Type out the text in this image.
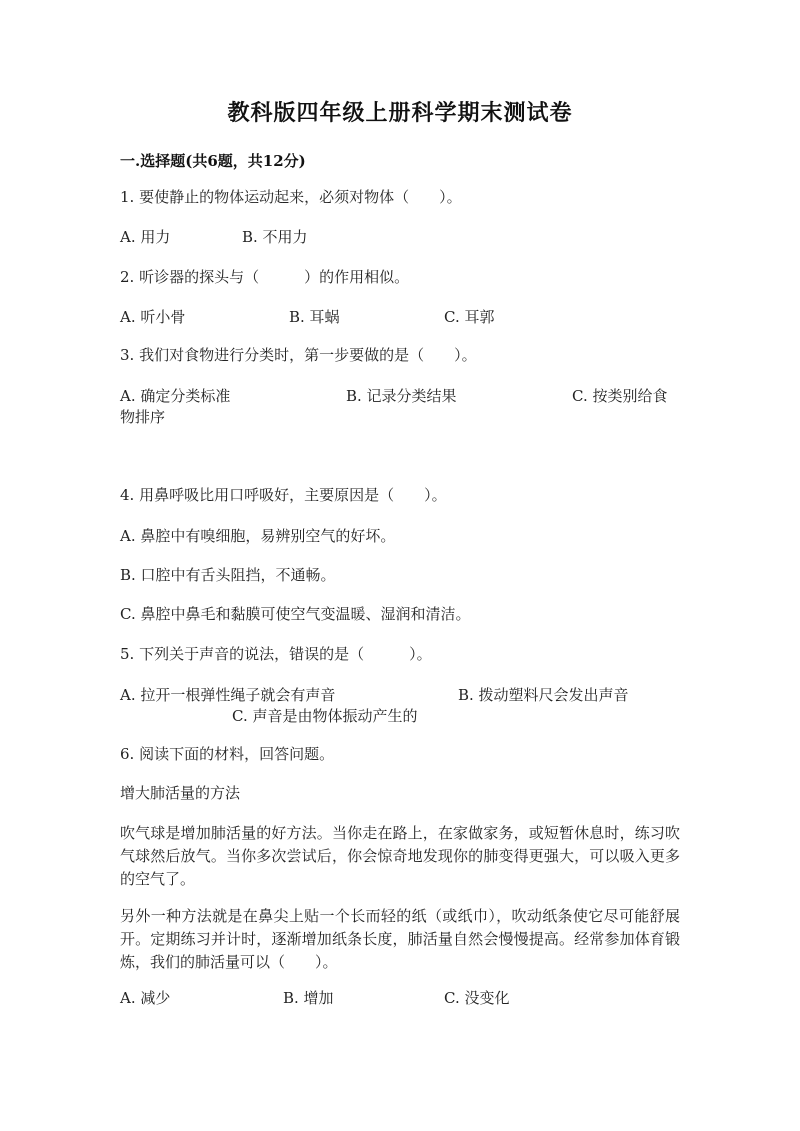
教科版四年级上册科学期末测试卷
一.选择题(共6题，共12分)
1. 要使静止的物体运动起来，必须对物体（　　）。
A. 用力	B. 不用力
2. 听诊器的探头与（　　　）的作用相似。
A. 听小骨	B. 耳蜗	C. 耳郭
3. 我们对食物进行分类时，第一步要做的是（　　）。
A. 确定分类标准	B. 记录分类结果	C. 按类别给食
物排序
4. 用鼻呼吸比用口呼吸好，主要原因是（　　）。
A. 鼻腔中有嗅细胞，易辨别空气的好坏。
B. 口腔中有舌头阻挡，不通畅。
C. 鼻腔中鼻毛和黏膜可使空气变温暖、湿润和清洁。
5. 下列关于声音的说法，错误的是（　　　）。
A. 拉开一根弹性绳子就会有声音	B. 拨动塑料尺会发出声音
C. 声音是由物体振动产生的
6. 阅读下面的材料，回答问题。
增大肺活量的方法
吹气球是增加肺活量的好方法。当你走在路上，在家做家务，或短暂休息时，练习吹气球然后放气。当你多次尝试后，你会惊奇地发现你的肺变得更强大，可以吸入更多的空气了。
另外一种方法就是在鼻尖上贴一个长而轻的纸（或纸巾），吹动纸条使它尽可能舒展开。定期练习并计时，逐渐增加纸条长度，肺活量自然会慢慢提高。经常参加体育锻炼，我们的肺活量可以（　　）。
A. 减少	B. 增加	C. 没变化
